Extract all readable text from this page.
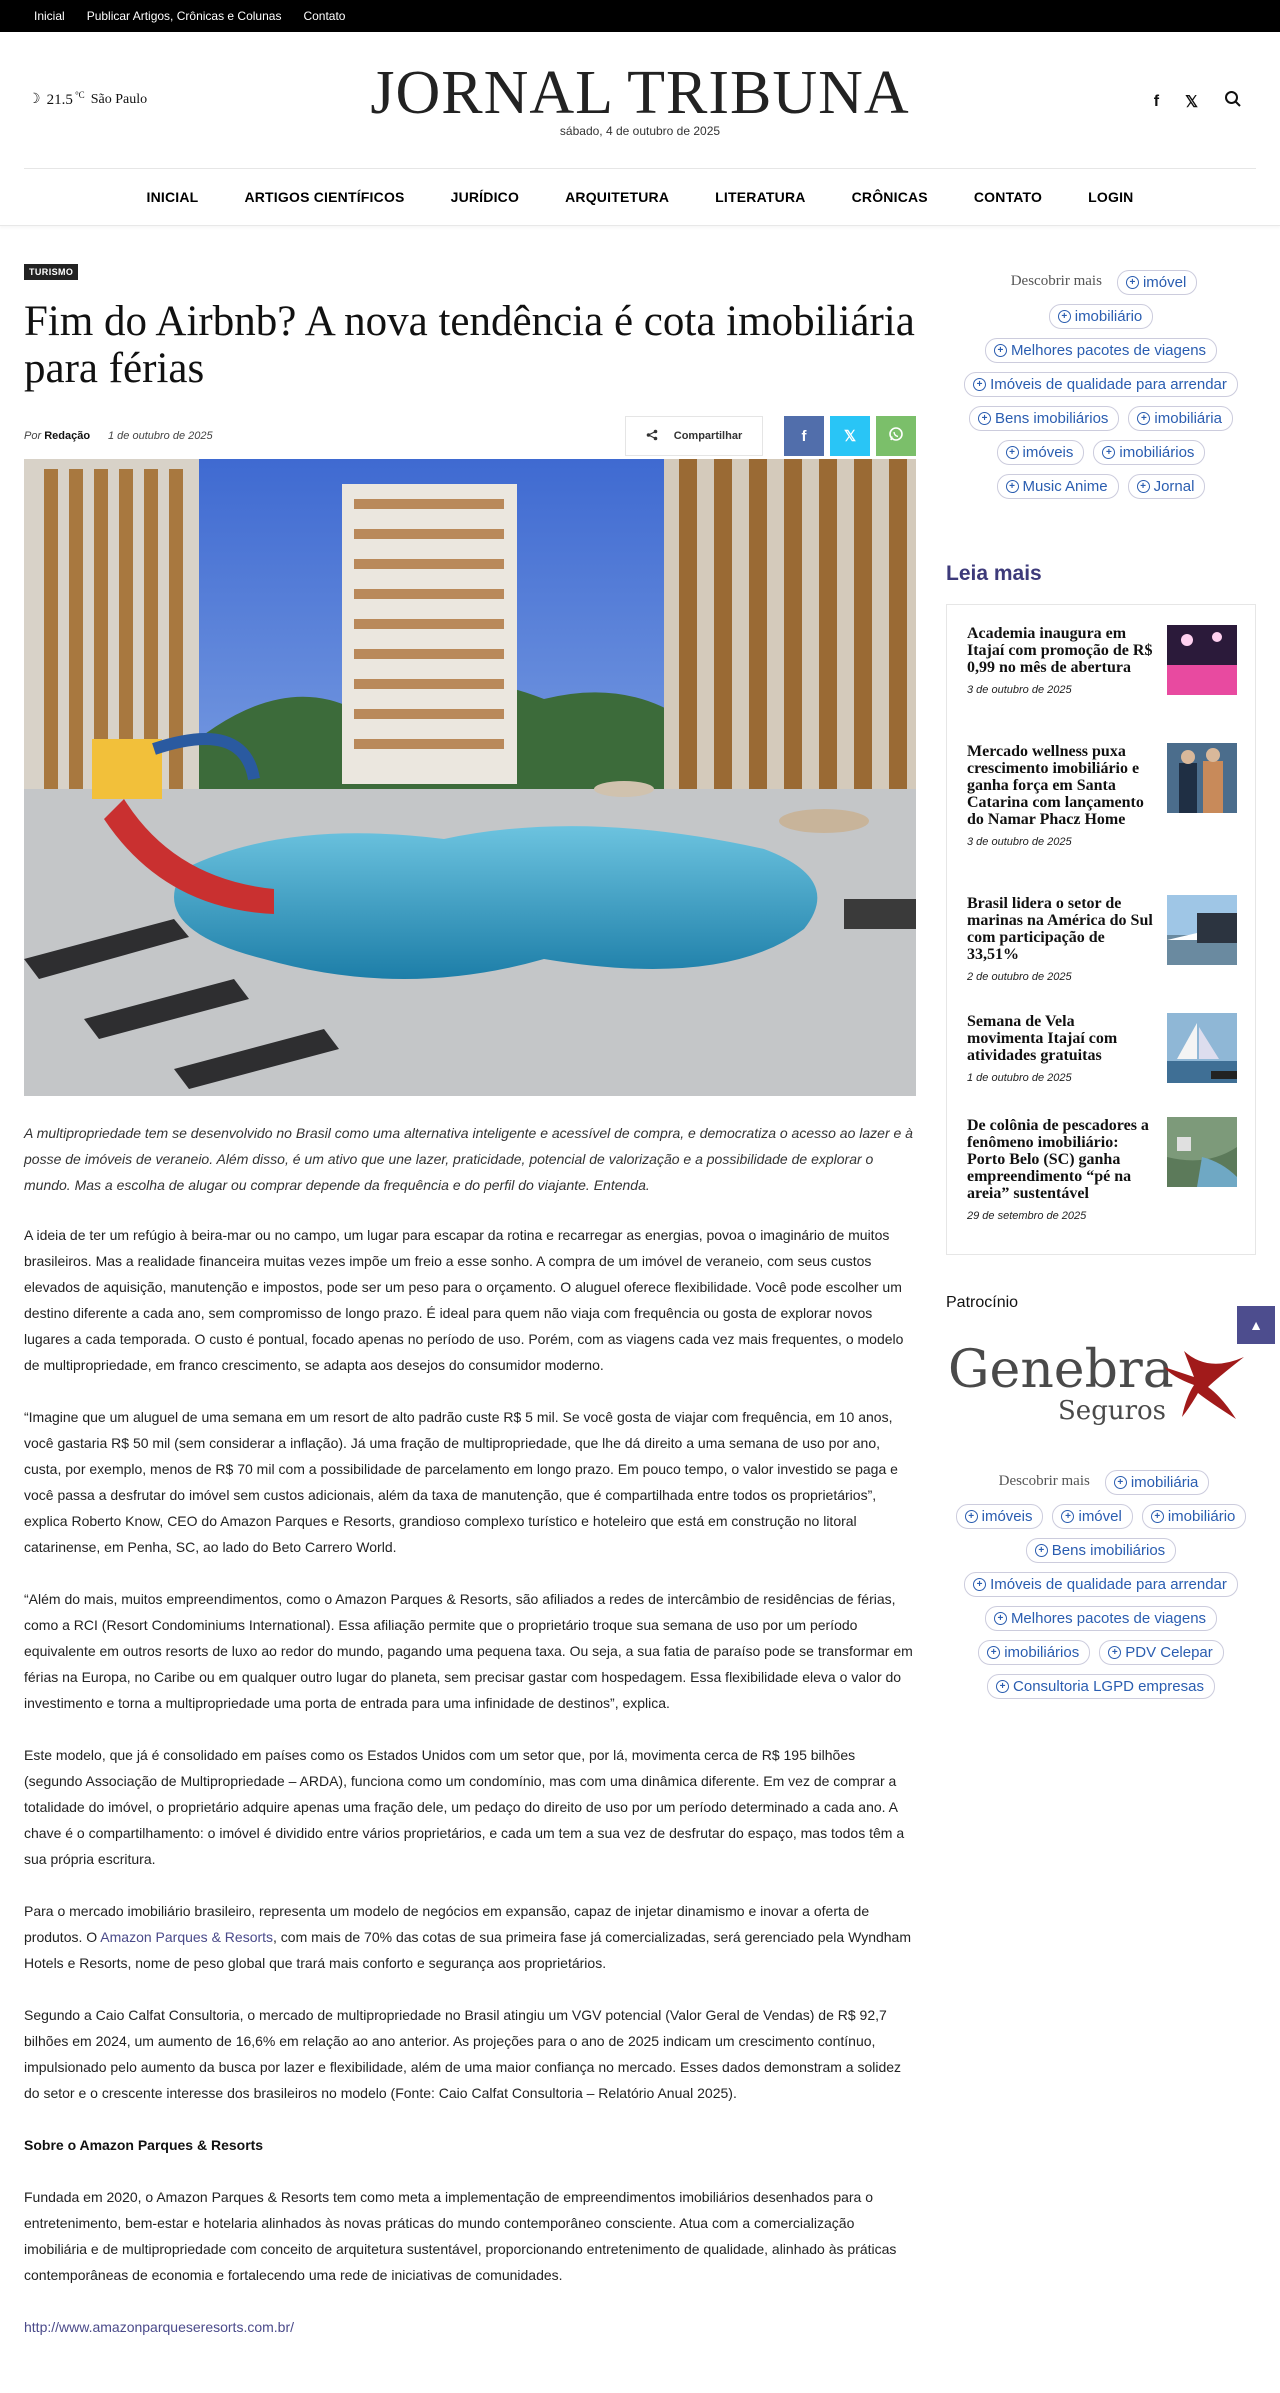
Inicial Publicar Artigos, Crônicas e Colunas Contato
☽ 21.5 $^{^\circ C}$ São Paulo	JORNAL TRIBUNA
sábado, 4 de outubro de 2025
f 𝕏
INICIAL	ARTIGOS CIENTÍFICOS	JURÍDICO	ARQUITETURA	LITERATURA	CRÔNICAS	CONTATO	LOGIN
TURISMO
Fim do Airbnb? A nova tendência é cota imobiliária para férias
Por Redação 1 de outubro de 2025	Compartilhar	f 𝕏
A multipropriedade tem se desenvolvido no Brasil como uma alternativa inteligente e acessível de compra, e democratiza o acesso ao lazer e à posse de imóveis de veraneio. Além disso, é um ativo que une lazer, praticidade, potencial de valorização e a possibilidade de explorar o mundo. Mas a escolha de alugar ou comprar depende da frequência e do perfil do viajante. Entenda.

A ideia de ter um refúgio à beira-mar ou no campo, um lugar para escapar da rotina e recarregar as energias, povoa o imaginário de muitos brasileiros. Mas a realidade financeira muitas vezes impõe um freio a esse sonho. A compra de um imóvel de veraneio, com seus custos elevados de aquisição, manutenção e impostos, pode ser um peso para o orçamento. O aluguel oferece flexibilidade. Você pode escolher um destino diferente a cada ano, sem compromisso de longo prazo. É ideal para quem não viaja com frequência ou gosta de explorar novos lugares a cada temporada. O custo é pontual, focado apenas no período de uso. Porém, com as viagens cada vez mais frequentes, o modelo de multipropriedade, em franco crescimento, se adapta aos desejos do consumidor moderno.

“Imagine que um aluguel de uma semana em um resort de alto padrão custe R$ 5 mil. Se você gosta de viajar com frequência, em 10 anos, você gastaria R$ 50 mil (sem considerar a inflação). Já uma fração de multipropriedade, que lhe dá direito a uma semana de uso por ano, custa, por exemplo, menos de R$ 70 mil com a possibilidade de parcelamento em longo prazo. Em pouco tempo, o valor investido se paga e você passa a desfrutar do imóvel sem custos adicionais, além da taxa de manutenção, que é compartilhada entre todos os proprietários”, explica Roberto Know, CEO do Amazon Parques e Resorts, grandioso complexo turístico e hoteleiro que está em construção no litoral catarinense, em Penha, SC, ao lado do Beto Carrero World.

“Além do mais, muitos empreendimentos, como o Amazon Parques & Resorts, são afiliados a redes de intercâmbio de residências de férias, como a RCI (Resort Condominiums International). Essa afiliação permite que o proprietário troque sua semana de uso por um período equivalente em outros resorts de luxo ao redor do mundo, pagando uma pequena taxa. Ou seja, a sua fatia de paraíso pode se transformar em férias na Europa, no Caribe ou em qualquer outro lugar do planeta, sem precisar gastar com hospedagem. Essa flexibilidade eleva o valor do investimento e torna a multipropriedade uma porta de entrada para uma infinidade de destinos”, explica.

Este modelo, que já é consolidado em países como os Estados Unidos com um setor que, por lá, movimenta cerca de R$ 195 bilhões (segundo Associação de Multipropriedade – ARDA), funciona como um condomínio, mas com uma dinâmica diferente. Em vez de comprar a totalidade do imóvel, o proprietário adquire apenas uma fração dele, um pedaço do direito de uso por um período determinado a cada ano. A chave é o compartilhamento: o imóvel é dividido entre vários proprietários, e cada um tem a sua vez de desfrutar do espaço, mas todos têm a sua própria escritura.

Para o mercado imobiliário brasileiro, representa um modelo de negócios em expansão, capaz de injetar dinamismo e inovar a oferta de produtos. O Amazon Parques & Resorts, com mais de 70% das cotas de sua primeira fase já comercializadas, será gerenciado pela Wyndham Hotels e Resorts, nome de peso global que trará mais conforto e segurança aos proprietários.

Segundo a Caio Calfat Consultoria, o mercado de multipropriedade no Brasil atingiu um VGV potencial (Valor Geral de Vendas) de R$ 92,7 bilhões em 2024, um aumento de 16,6% em relação ao ano anterior. As projeções para o ano de 2025 indicam um crescimento contínuo, impulsionado pelo aumento da busca por lazer e flexibilidade, além de uma maior confiança no mercado. Esses dados demonstram a solidez do setor e o crescente interesse dos brasileiros no modelo (Fonte: Caio Calfat Consultoria – Relatório Anual 2025).

Sobre o Amazon Parques & Resorts

Fundada em 2020, o Amazon Parques & Resorts tem como meta a implementação de empreendimentos imobiliários desenhados para o entretenimento, bem-estar e hotelaria alinhados às novas práticas do mundo contemporâneo consciente. Atua com a comercialização imobiliária e de multipropriedade com conceito de arquitetura sustentável, proporcionando entretenimento de qualidade, alinhado às práticas contemporâneas de economia e fortalecendo uma rede de iniciativas de comunidades.

http://www.amazonparqueseresorts.com.br/

Descobrir mais	+ imóvel
+ imobiliário
+ Melhores pacotes de viagens
+ Imóveis de qualidade para arrendar
+ Bens imobiliários	+ imobiliária
+ imóveis	+ imobiliários
+ Music Anime	+ Jornal
Leia mais
Academia inaugura em Itajaí com promoção de R$ 0,99 no mês de abertura
3 de outubro de 2025
Mercado wellness puxa crescimento imobiliário e ganha força em Santa Catarina com lançamento do Namar Phacz Home
3 de outubro de 2025
Brasil lidera o setor de marinas na América do Sul com participação de 33,51%
2 de outubro de 2025
Semana de Vela movimenta Itajaí com atividades gratuitas
1 de outubro de 2025
De colônia de pescadores a fenômeno imobiliário: Porto Belo (SC) ganha empreendimento “pé na areia” sustentável
29 de setembro de 2025
Patrocínio
Genebra
Seguros
Descobrir mais	+ imobiliária
+ imóveis	+ imóvel	+ imobiliário
+ Bens imobiliários
+ Imóveis de qualidade para arrendar
+ Melhores pacotes de viagens
+ imobiliários	+ PDV Celepar
+ Consultoria LGPD empresas
▲
